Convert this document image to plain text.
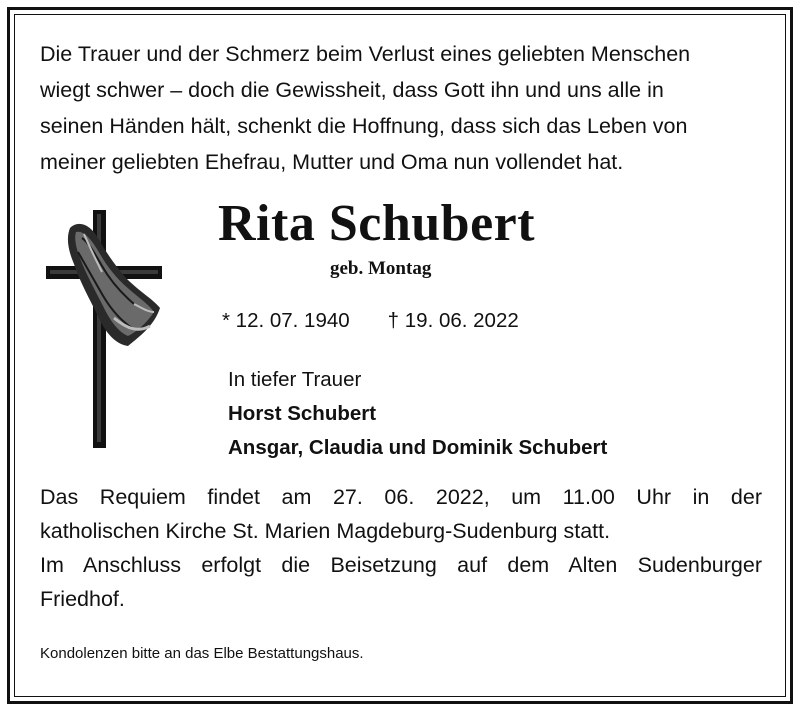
Die Trauer und der Schmerz beim Verlust eines geliebten Menschen
wiegt schwer – doch die Gewissheit, dass Gott ihn und uns alle in
seinen Händen hält, schenkt die Hoffnung, dass sich das Leben von
meiner geliebten Ehefrau, Mutter und Oma nun vollendet hat.
Rita Schubert
geb. Montag
* 12. 07. 1940 † 19. 06. 2022
In tiefer Trauer
Horst Schubert
Ansgar, Claudia und Dominik Schubert
Das Requiem findet am 27. 06. 2022, um 11.00 Uhr in der
katholischen Kirche St. Marien Magdeburg-Sudenburg statt.
Im Anschluss erfolgt die Beisetzung auf dem Alten Sudenburger
Friedhof.
Kondolenzen bitte an das Elbe Bestattungshaus.
